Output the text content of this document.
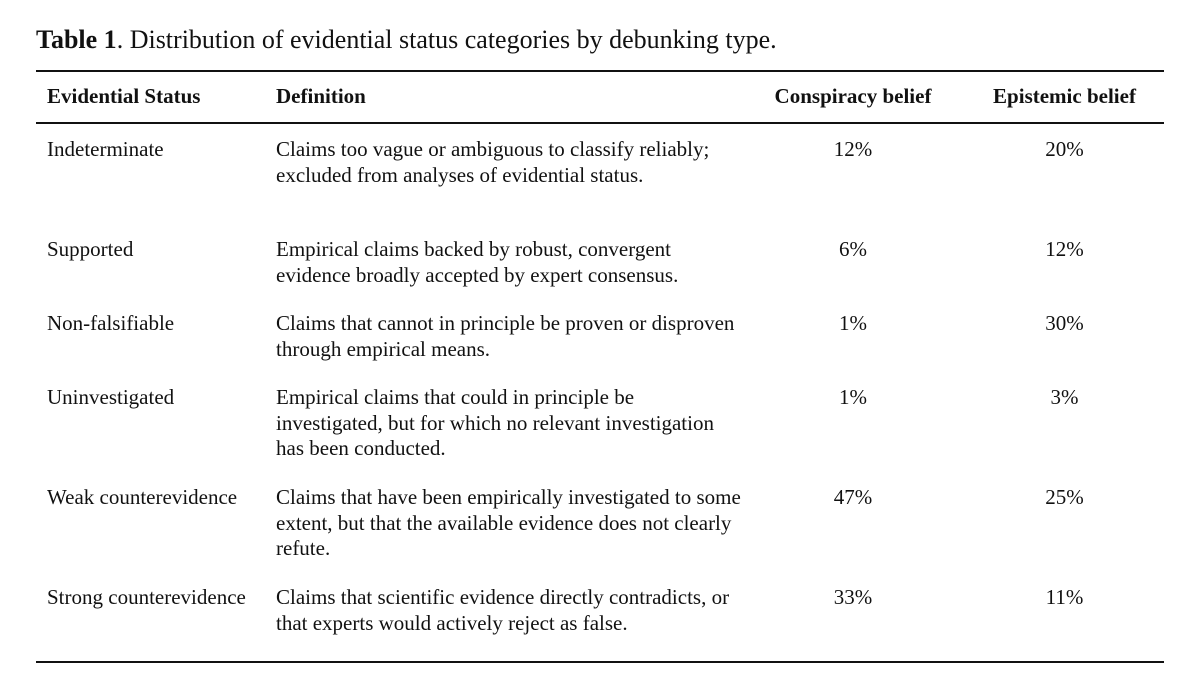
Table 1. Distribution of evidential status categories by debunking type.
Evidential Status	Definition	Conspiracy belief	Epistemic belief
Indeterminate	Claims too vague or ambiguous to classify reliably; excluded from analyses of evidential status.	12%	20%
Supported	Empirical claims backed by robust, convergent evidence broadly accepted by expert consensus.	6%	12%
Non-falsifiable	Claims that cannot in principle be proven or disproven through empirical means.	1%	30%
Uninvestigated	Empirical claims that could in principle be investigated, but for which no relevant investigation has been conducted.	1%	3%
Weak counterevidence	Claims that have been empirically investigated to some extent, but that the available evidence does not clearly refute.	47%	25%
Strong counterevidence	Claims that scientific evidence directly contradicts, or that experts would actively reject as false.	33%	11%
